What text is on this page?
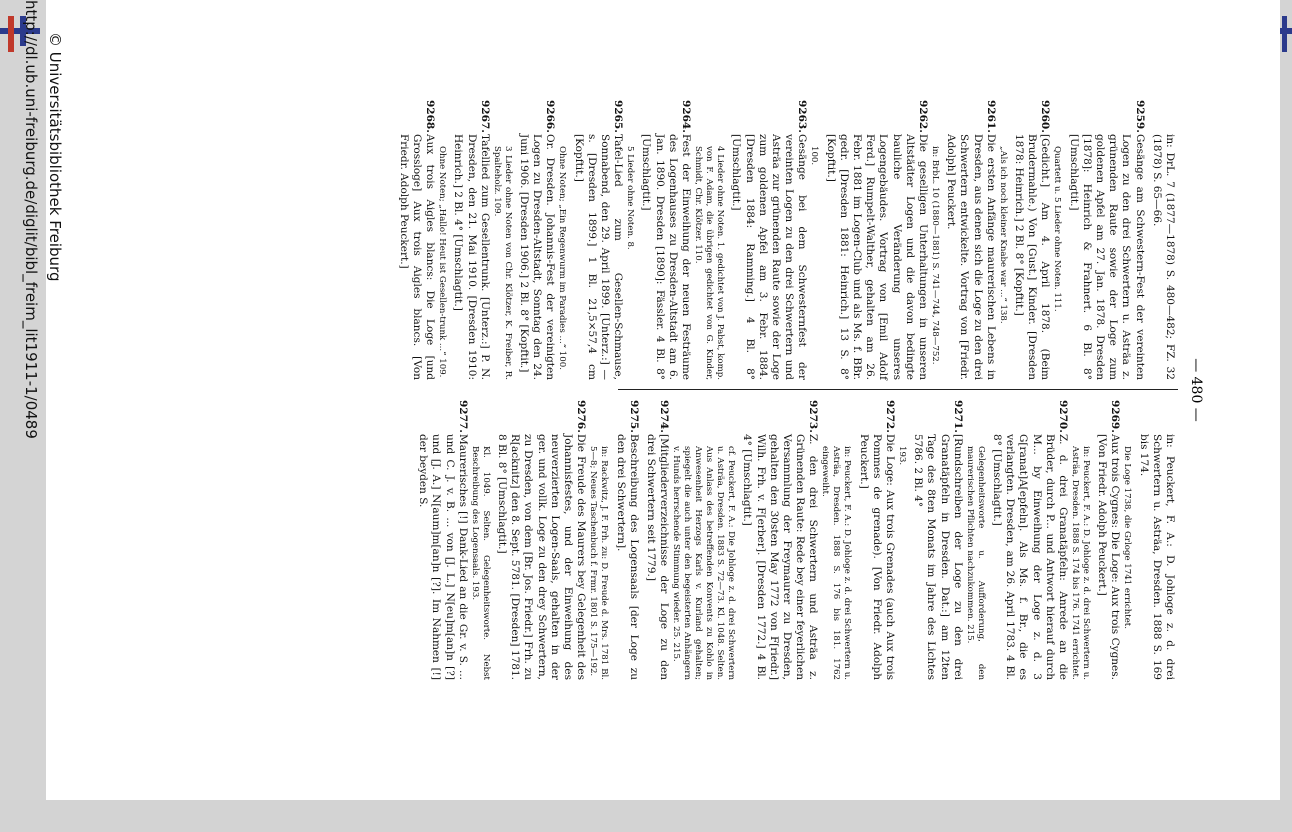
— 480 —
in: DrL. 7 (1877—1878) S. 480—482; FZ. 32 (1878) S. 65—66.
9259.Gesänge am Schwestern-Fest der vereinten Logen zu den drei Schwertern u. Asträa z. grünenden Raute sowie der Loge zum goldenen Apfel am 27. Jan. 1878. Dresden [1878]: Heinrich & Frahnert. 6 Bl. 8° [Umschlagtit.]
Quartett u. 5 Lieder ohne Noten. 111.
9260.[Gedicht.] Am 4. April 1878. (Beim Brudermahle.) Von [Gust.] Kinder. [Dresden 1878: Heinrich.] 2 Bl. 8° [Kopftit.]
„Als ich noch kleiner Knabe war ...“ 138.
9261.Die ersten Anfänge maurerischen Lebens in Dresden, aus denen sich die Loge zu den drei Schwertern entwickelte. Vortrag von [Friedr. Adolph] Peuckert.
in: BrbL. 10 (1880—1881) S. 741—744, 748—752.
9262.Die geselligen Unterhaltungen in unseren Altstädter Logen und die davon bedingte bauliche Veränderung unseres Logengebäudes. Vortrag von [Emil Adolf Ferd.] Rumpelt-Walther, gehalten am 26. Febr. 1881 im Logen-Club und als Ms. f. BBr. gedr. [Dresden 1881: Heinrich.] 13 S. 8° [Kopftit.]
100.
9263.Gesänge bei dem Schwesternfest der vereinten Logen zu den drei Schwertern und Asträa zur grünenden Raute sowie der Loge zum goldenen Apfel am 3. Febr. 1884. [Dresden 1884: Ramming.] 4 Bl. 8° [Umschlagtit.]
4 Lieder ohne Noten. 1. gedichtet von J. Pabst, komp. von F. Adam, die übrigen gedichtet von G. Kinder, Schmidt, Chr. Klötzer. 110.
9264.Fest der Einweihung der neuen Festräume des Logenhauses zu Dresden-Altstadt am 6. Jan. 1890. Dresden [1890]: Fässler. 4 Bl. 8° [Umschlagtit.]
5 Lieder ohne Noten. 8.
9265.Tafel-Lied zum Gesellen-Schmause, Sonnabend, den 29. April 1899. [Unterz.:] — s. [Dresden 1899.] 1 Bl. 21,5×57,4 cm [Kopftit.]
Ohne Noten; „Ein Regenwurm im Paradies ...“ 100.
9266.Or. Dresden. Johannis-Fest der vereinigten Logen zu Dresden-Altstadt, Sonntag den 24. Juni 1906. [Dresden 1906.] 2 Bl. 8° [Kopftit.]
3 Lieder ohne Noten von Chr. Klötzer, K. Freiber, R. Spalteholz. 109.
9267.Tafellied zum Gesellentrunk. [Unterz.:] P. N. Dresden, den 21. Mai 1910. [Dresden 1910: Heinrich.] 2 Bl. 4° [Umschlagtit.]
Ohne Noten; „Hallo! Heut ist Gesellen-trunk ...“ 109.
9268.Aux trois Aigles blancs: Die Loge [und Grossloge] Aux trois Aigles blancs. [Von Friedr. Adolph Peuckert.]
in: Peuckert, F. A.: D. Johloge z. d. drei Schwertern u. Asträa, Dresden. 1888 S. 169 bis 174.
Die Loge 1738, die Grloge 1741 errichtet.
9269.Aux trois Cygnes: Die Loge: Aux trois Cygnes. [Von Friedr. Adolph Peuckert.]
in: Peuckert, F. A.: D. Johloge z. d. drei Schwertern u. Asträa, Dresden. 1888 S. 174 bis 176. 1741 errichtet.
9270.Z. d. drei Granatäpfeln: Anrede an die Brüder, durch P... und Antwort hierauf durch M... by Einweihung der Loge z. d. 3 G[ranat]A[epfeln]. Als Ms. f. Br., die es verlangten. Dresden, am 26. April 1783. 4 Bl. 8° [Umschlagtit.]
Gelegenheitsworte u. Aufforderung, den maurerischen Pflichten nachzukommen. 215.
9271.[Rundschreiben der Loge zu den drei Granatäpfeln in Dresden. Dat.:] am 12ten Tage des 8ten Monats im Jahre des Lichtes 5786. 2 Bl. 4°
193.
9272.Die Loge: Aux trois Grenades (auch Aux trois Pommes de grenade). [Von Friedr. Adolph Peuckert.]
in: Peuckert, F. A.: D. Johloge z. d. drei Schwertern u. Asträa, Dresden. 1888 S. 176 bis 181. 1762 eingeweiht.
9273.Z. den drei Schwertern und Asträa z. Grünenden Raute: Rede bey einer feyerlichen Versammlung der Freymaurer zu Dresden, gehalten den 30sten May 1772 von F[riedr.] Wilh. Frh. v. F[erber]. [Dresden 1772.] 4 Bl. 4° [Umschlagtit.]
cf. Peuckert, F. A.: Die Johloge z. d. drei Schwertern u. Asträa, Dresden. 1883 S. 72—73. Kl. 1048. Selten. Aus Anlass des betreffenden Konvents zu Kohlo in Anwesenheit Herzogs Karls v. Kurland gehalten; spiegelt die auch unter den begeisterten Anhängern v. Hunds herrschende Stimmung wieder. 25. 215.
9274.[Mitgliederverzeichnisse der Loge zu den drei Schwertern seit 1779.]
9275.Beschreibung des Logensaals [der Loge zu den drei Schwertern].
in: Rackwitz, J. F. Frh. zu: D. Freude d. Mrs. 1781 Bl. 5—8; Neues Taschenbuch f. Frmr. 1801 S. 175—192.
9276.Die Freude des Maurers bey Gelegenheit des Johannisfestes, und der Einweihung des neuverzierten Logen-Saals, gehalten in der ger. und vollk. Loge zu den drey Schwertern, zu Dresden, von dem [Br. Jos. Friedr.] Frh. zu R[acknitz] den 8. Sept. 5781. [Dresden] 1781. 8 Bl. 8° [Umschlagtit.]
Kl. 1049. Selten. Gelegenheitsworte. Nebst Beschreibung des Logensaals. 193.
9277.Maurerisches [!] Dank-Lied an die Gr. v. S. ... und C. J. v. B. ... von [J. L.] N[eu]m[an]n [?] und [J. A.] N[aum]m[an]n [?]. Im Nahmen [!] der beyden S.
http://dl.ub.uni-freiburg.de/diglit/bibl_freim_lit1911-1/0489 © Universitätsbibliothek Freiburg
